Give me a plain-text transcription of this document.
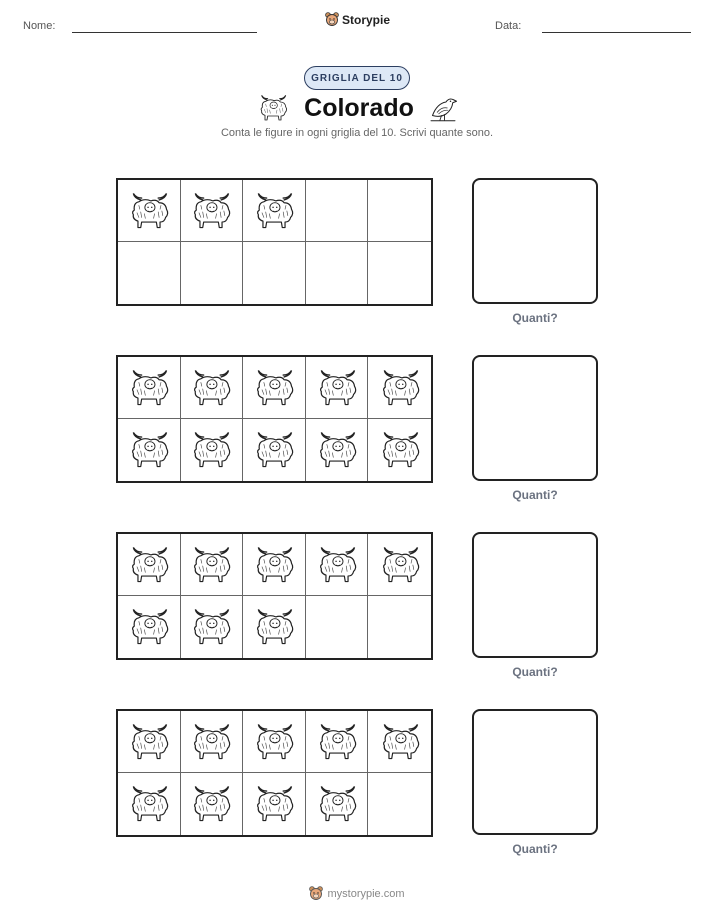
Nome:	Data:
Storypie
GRIGLIA DEL 10
Colorado
Conta le figure in ogni griglia del 10. Scrivi quante sono.
Quanti?
Quanti?
Quanti?
Quanti?
mystorypie.com
